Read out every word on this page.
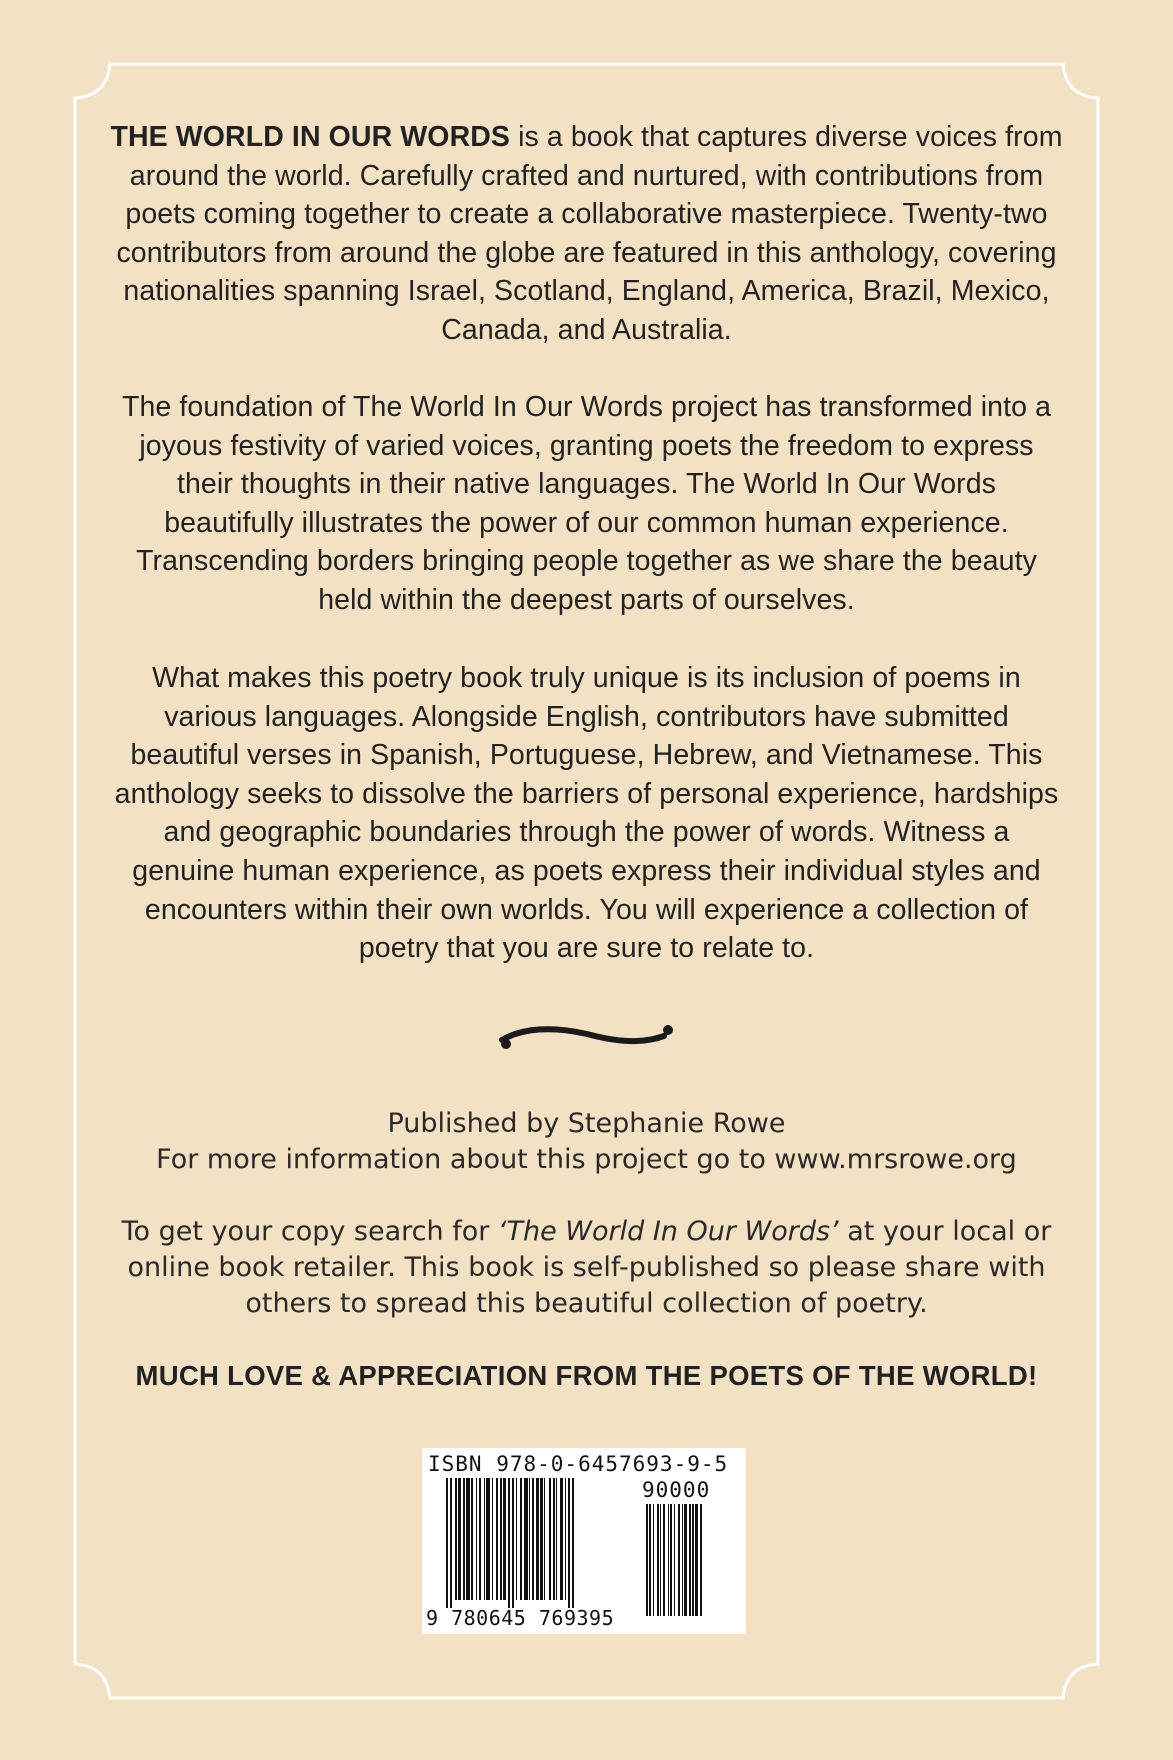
THE WORLD IN OUR WORDS is a book that captures diverse voices from around the world. Carefully crafted and nurtured, with contributions from poets coming together to create a collaborative masterpiece. Twenty-two contributors from around the globe are featured in this anthology, covering nationalities spanning Israel, Scotland, England, America, Brazil, Mexico, Canada, and Australia.

The foundation of The World In Our Words project has transformed into a joyous festivity of varied voices, granting poets the freedom to express their thoughts in their native languages. The World In Our Words beautifully illustrates the power of our common human experience. Transcending borders bringing people together as we share the beauty held within the deepest parts of ourselves.

What makes this poetry book truly unique is its inclusion of poems in various languages. Alongside English, contributors have submitted beautiful verses in Spanish, Portuguese, Hebrew, and Vietnamese. This anthology seeks to dissolve the barriers of personal experience, hardships and geographic boundaries through the power of words. Witness a genuine human experience, as poets express their individual styles and encounters within their own worlds. You will experience a collection of poetry that you are sure to relate to.

Published by Stephanie Rowe
For more information about this project go to www.mrsrowe.org
To get your copy search for ‘The World In Our Words’ at your local or online book retailer. This book is self-published so please share with others to spread this beautiful collection of poetry.
MUCH LOVE & APPRECIATION FROM THE POETS OF THE WORLD!
ISBN 978-0-6457693-9-5
90000
9 780645 769395
